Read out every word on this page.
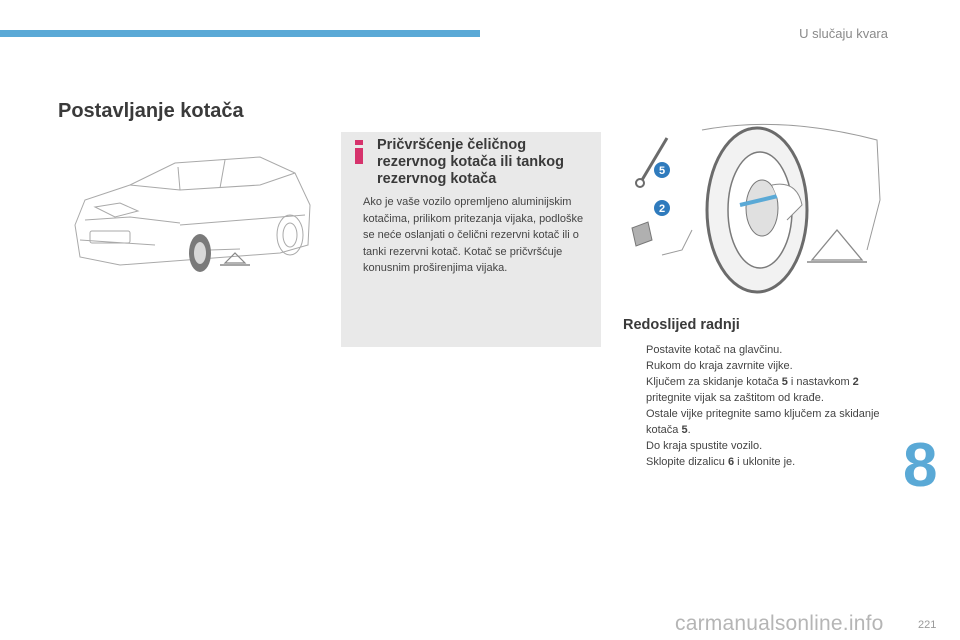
U slučaju kvara
Postavljanje kotača
Pričvršćenje čeličnog rezervnog kotača ili tankog rezervnog kotača

Ako je vaše vozilo opremljeno aluminijskim kotačima, prilikom pritezanja vijaka, podloške se neće oslanjati o čelični rezervni kotač ili o tanki rezervni kotač. Kotač se pričvršćuje konusnim proširenjima vijaka.

5
2
Redoslijed radnji
Postavite kotač na glavčinu.
Rukom do kraja zavrnite vijke.
Ključem za skidanje kotača 5 i nastavkom 2 pritegnite vijak sa zaštitom od krađe.
Ostale vijke pritegnite samo ključem za skidanje kotača 5.
Do kraja spustite vozilo.
Sklopite dizalicu 6 i uklonite je.	8
221
carmanualsonline.info
